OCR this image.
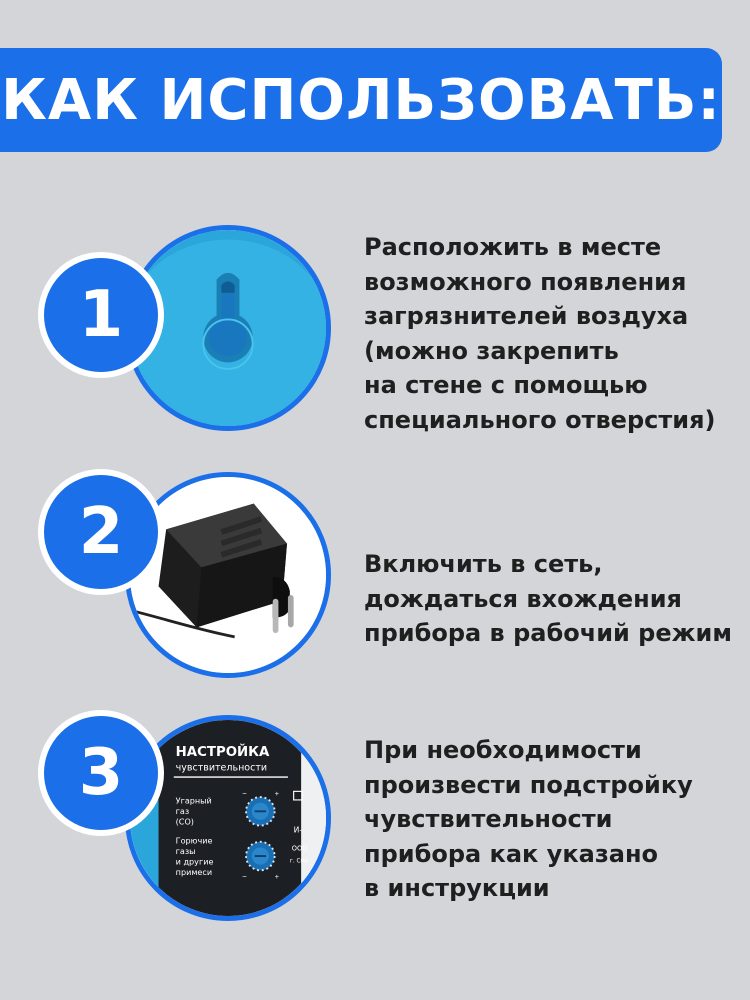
КАК ИСПОЛЬЗОВАТЬ:
1
Расположить в месте
возможного появления
загрязнителей воздуха
(можно закрепить
на стене с помощью
специального отверстия)
2	Включить в сеть,
дождаться вхождения
прибора в рабочий режим
НАСТРОЙКА
чувствительности
Угарный газ (CO)
Горючие газы и другие примеси
−	+
−	+
И-
ООО
г. Смо
3	При необходимости
произвести подстройку
чувствительности
прибора как указано
в инструкции
